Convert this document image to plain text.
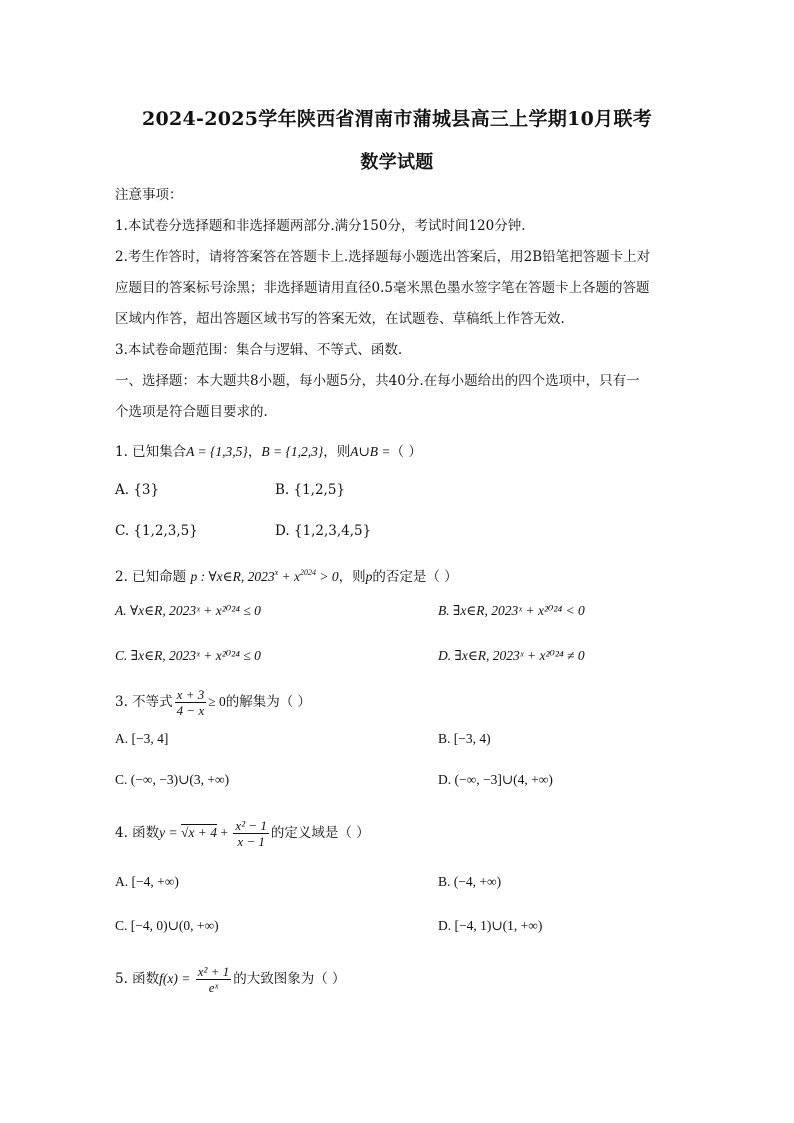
2024-2025学年陕西省渭南市蒲城县高三上学期10月联考
数学试题
注意事项：
1.本试卷分选择题和非选择题两部分.满分150分，考试时间120分钟.
2.考生作答时，请将答案答在答题卡上.选择题每小题选出答案后，用2B铅笔把答题卡上对
应题目的答案标号涂黑；非选择题请用直径0.5毫米黑色墨水签字笔在答题卡上各题的答题
区域内作答，超出答题区域书写的答案无效，在试题卷、草稿纸上作答无效.
3.本试卷命题范围：集合与逻辑、不等式、函数.
一、选择题：本大题共8小题，每小题5分，共40分.在每小题给出的四个选项中，只有一
个选项是符合题目要求的.
1. 已知集合A = {1,3,5}，B = {1,2,3}，则A∪B =（ ）
A. {3}	B. {1,2,5}
C. {1,2,3,5}	D. {1,2,3,4,5}
2. 已知命题 p : ∀x∈R, $2023^x + x^{2024} > 0$，则p的否定是（ ）
A. ∀x∈R, 2023ˣ + x²⁰²⁴ ≤ 0	B. ∃x∈R, 2023ˣ + x²⁰²⁴ < 0
C. ∃x∈R, 2023ˣ + x²⁰²⁴ ≤ 0	D. ∃x∈R, 2023ˣ + x²⁰²⁴ ≠ 0
3. 不等式 $\frac{x + 3}{4 - x} \ge 0$的解集为（ ）
A. [−3, 4]	B. [−3, 4)
C. (−∞, −3)∪(3, +∞)	D. (−∞, −3]∪(4, +∞)
4. 函数$y = √x + 4 + \frac{\text{x² − 1}}{x - 1}$ 的定义域是（ ）
A. [−4, +∞)	B. (−4, +∞)
C. [−4, 0)∪(0, +∞)	D. [−4, 1)∪(1, +∞)
5. 函数$f(x) = \frac{\text{x² + 1}}{\text{eˣ}}$ 的大致图象为（ ）
